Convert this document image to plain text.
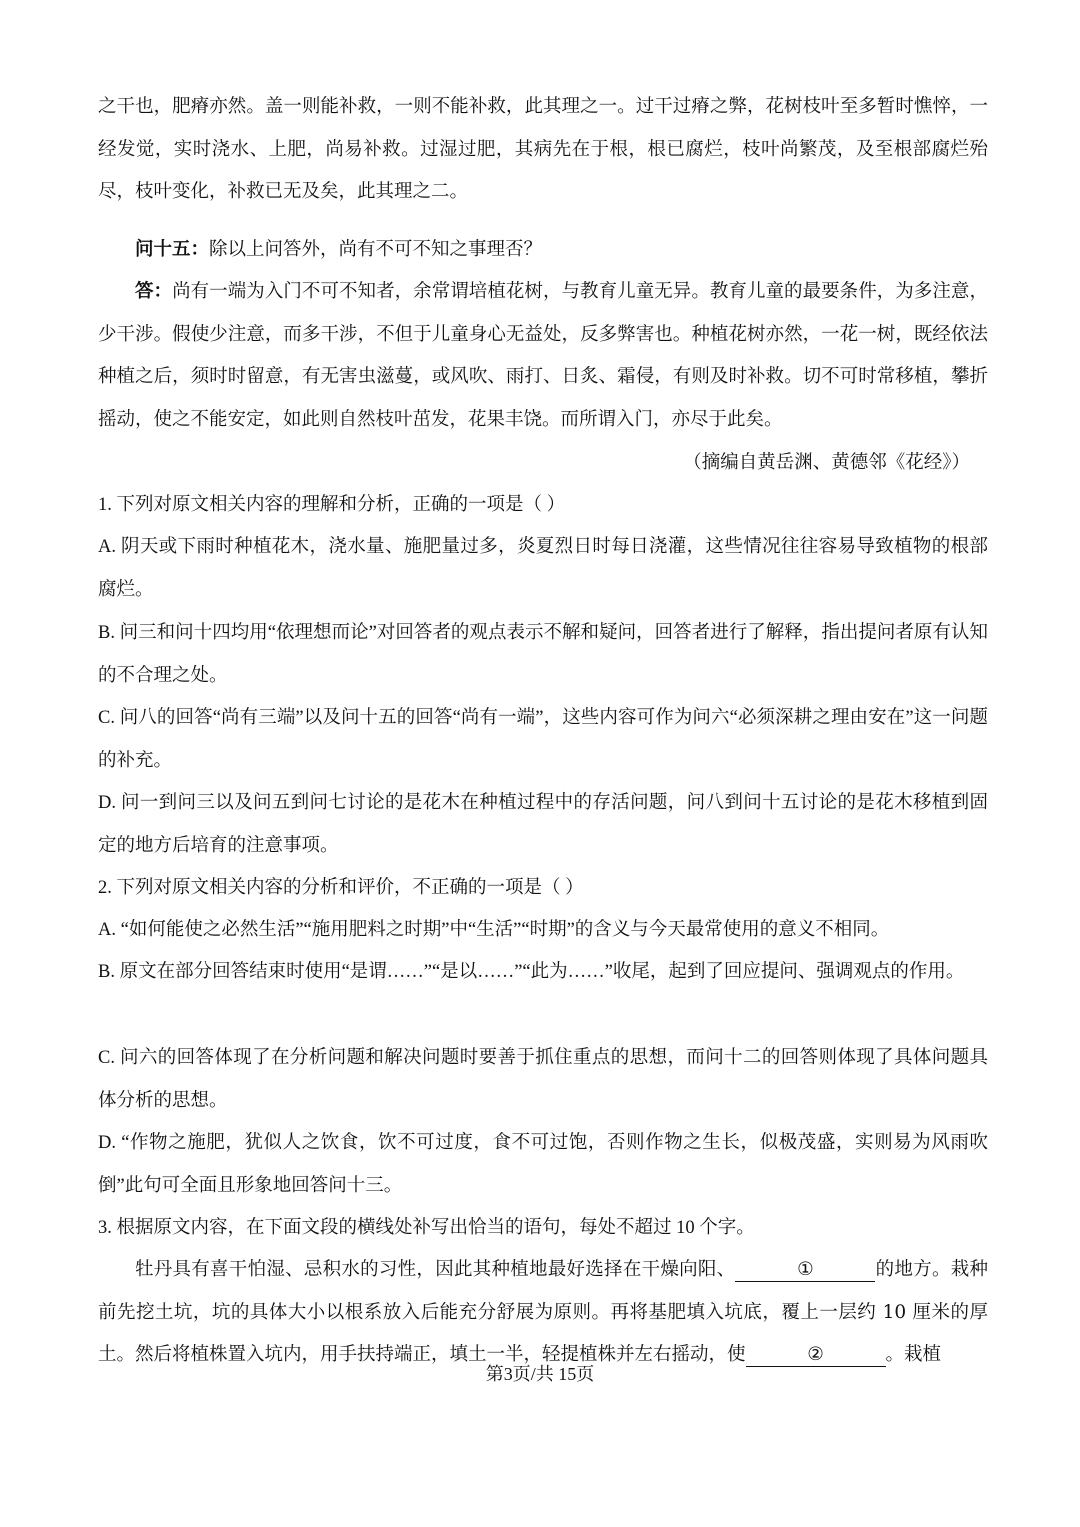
之干也，肥瘠亦然。盖一则能补救，一则不能补救，此其理之一。过干过瘠之弊，花树枝叶至多暂时憔悴，一经发觉，实时浇水、上肥，尚易补救。过湿过肥，其病先在于根，根已腐烂，枝叶尚繁茂，及至根部腐烂殆尽，枝叶变化，补救已无及矣，此其理之二。

问十五：除以上问答外，尚有不可不知之事理否？

答：尚有一端为入门不可不知者，余常谓培植花树，与教育儿童无异。教育儿童的最要条件，为多注意，少干涉。假使少注意，而多干涉，不但于儿童身心无益处，反多弊害也。种植花树亦然，一花一树，既经依法种植之后，须时时留意，有无害虫滋蔓，或风吹、雨打、日炙、霜侵，有则及时补救。切不可时常移植，攀折摇动，使之不能安定，如此则自然枝叶茁发，花果丰饶。而所谓入门，亦尽于此矣。

（摘编自黄岳渊、黄德邻《花经》）

1. 下列对原文相关内容的理解和分析，正确的一项是（ ）

A. 阴天或下雨时种植花木，浇水量、施肥量过多，炎夏烈日时每日浇灌，这些情况往往容易导致植物的根部腐烂。

B. 问三和问十四均用“依理想而论”对回答者的观点表示不解和疑问，回答者进行了解释，指出提问者原有认知的不合理之处。

C. 问八的回答“尚有三端”以及问十五的回答“尚有一端”，这些内容可作为问六“必须深耕之理由安在”这一问题的补充。

D. 问一到问三以及问五到问七讨论的是花木在种植过程中的存活问题，问八到问十五讨论的是花木移植到固定的地方后培育的注意事项。

2. 下列对原文相关内容的分析和评价，不正确的一项是（ ）

A. “如何能使之必然生活”“施用肥料之时期”中“生活”“时期”的含义与今天最常使用的意义不相同。

B. 原文在部分回答结束时使用“是谓……”“是以……”“此为……”收尾，起到了回应提问、强调观点的作用。

C. 问六的回答体现了在分析问题和解决问题时要善于抓住重点的思想，而问十二的回答则体现了具体问题具体分析的思想。

D. “作物之施肥，犹似人之饮食，饮不可过度，食不可过饱，否则作物之生长，似极茂盛，实则易为风雨吹倒”此句可全面且形象地回答问十三。

3. 根据原文内容，在下面文段的横线处补写出恰当的语句，每处不超过 10 个字。

牡丹具有喜干怕湿、忌积水的习性，因此其种植地最好选择在干燥向阳、	①	的地方。栽种前先挖土坑，坑的具体大小以根系放入后能充分舒展为原则。再将基肥填入坑底，覆上一层约 10 厘米的厚土。然后将植株置入坑内，用手扶持端正，填土一半，轻提植株并左右摇动，使	②	。栽植

第3页/共 15页
